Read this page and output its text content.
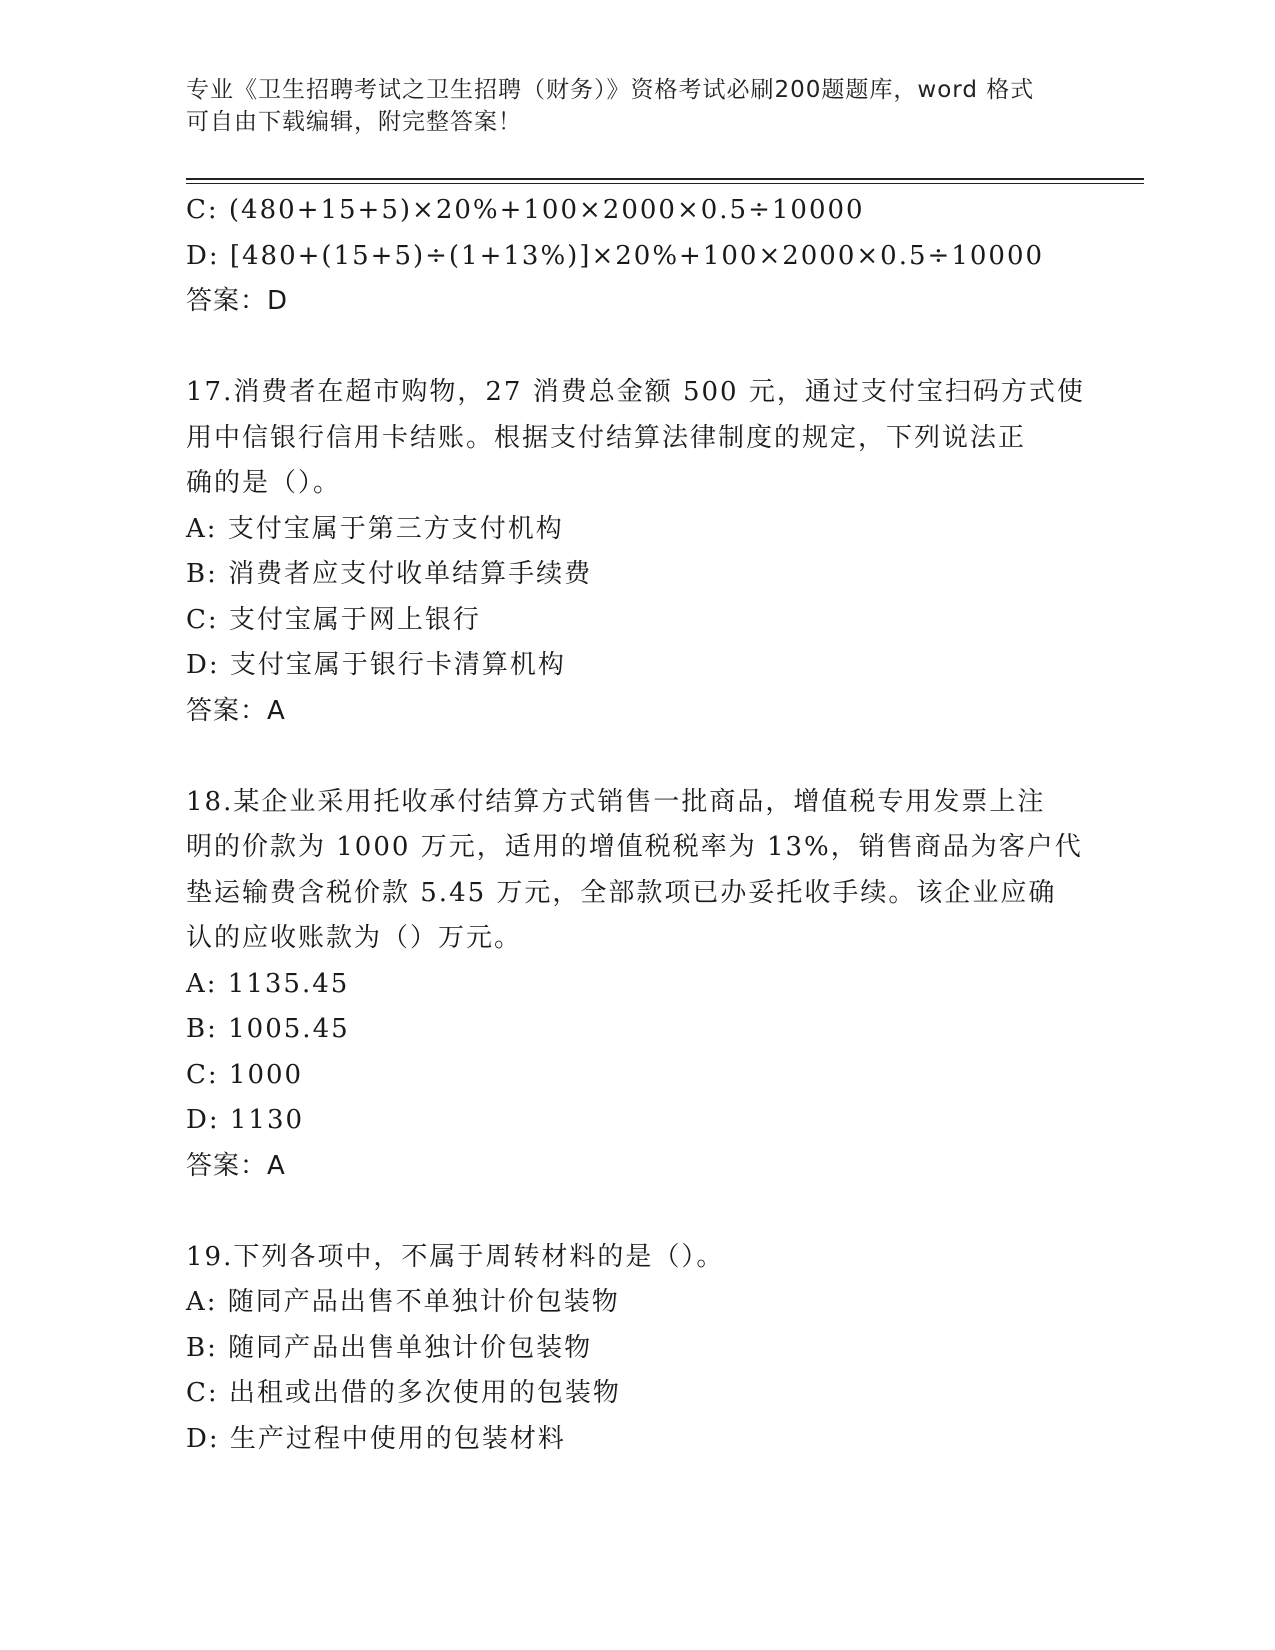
专业《卫生招聘考试之卫生招聘（财务）》资格考试必刷200题题库，word 格式
可自由下载编辑，附完整答案！
C: (480+15+5)×20%+100×2000×0.5÷10000
D: [480+(15+5)÷(1+13%)]×20%+100×2000×0.5÷10000
答案：D
17.消费者在超市购物，27 消费总金额 500 元，通过支付宝扫码方式使
用中信银行信用卡结账。根据支付结算法律制度的规定，下列说法正
确的是（）。
A: 支付宝属于第三方支付机构
B: 消费者应支付收单结算手续费
C: 支付宝属于网上银行
D: 支付宝属于银行卡清算机构
答案：A
18.某企业采用托收承付结算方式销售一批商品，增值税专用发票上注
明的价款为 1000 万元，适用的增值税税率为 13%，销售商品为客户代
垫运输费含税价款 5.45 万元，全部款项已办妥托收手续。该企业应确
认的应收账款为（）万元。
A: 1135.45
B: 1005.45
C: 1000
D: 1130
答案：A
19.下列各项中，不属于周转材料的是（）。
A: 随同产品出售不单独计价包装物
B: 随同产品出售单独计价包装物
C: 出租或出借的多次使用的包装物
D: 生产过程中使用的包装材料
